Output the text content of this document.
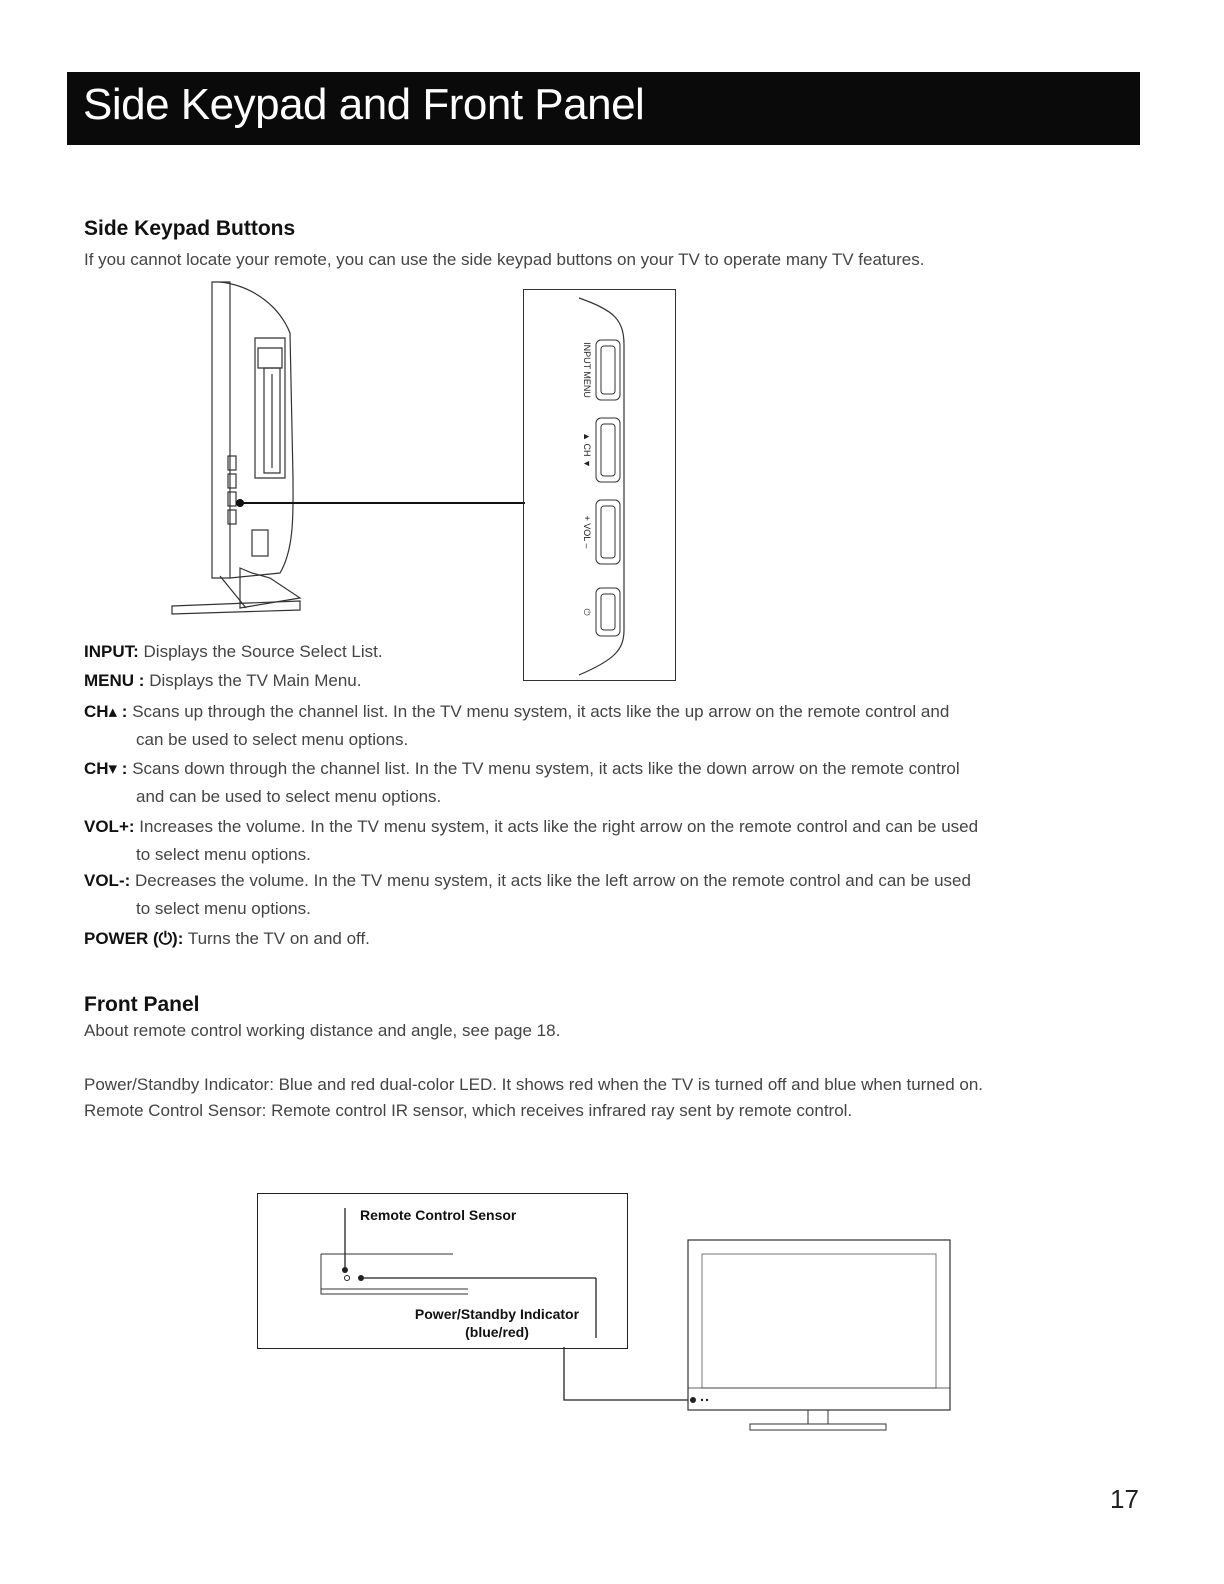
Side Keypad and Front Panel
Side Keypad Buttons
If you cannot locate your remote, you can use the side keypad buttons on your TV to operate many TV features.
INPUT MENU
▲ CH ▼
+ VOL –
⏻
INPUT: Displays the Source Select List.
MENU : Displays the TV Main Menu.
CH▴ : Scans up through the channel list. In the TV menu system, it acts like the up arrow on the remote control and
can be used to select menu options.
CH▾ : Scans down through the channel list. In the TV menu system, it acts like the down arrow on the remote control
and can be used to select menu options.
VOL+: Increases the volume. In the TV menu system, it acts like the right arrow on the remote control and can be used
to select menu options.
VOL-: Decreases the volume. In the TV menu system, it acts like the left arrow on the remote control and can be used
to select menu options.
POWER (⏻): Turns the TV on and off.
Front Panel
About remote control working distance and angle, see page 18.
Power/Standby Indicator: Blue and red dual-color LED. It shows red when the TV is turned off and blue when turned on.
Remote Control Sensor: Remote control IR sensor, which receives infrared ray sent by remote control.
Remote Control Sensor
Power/Standby Indicator
(blue/red)
17
